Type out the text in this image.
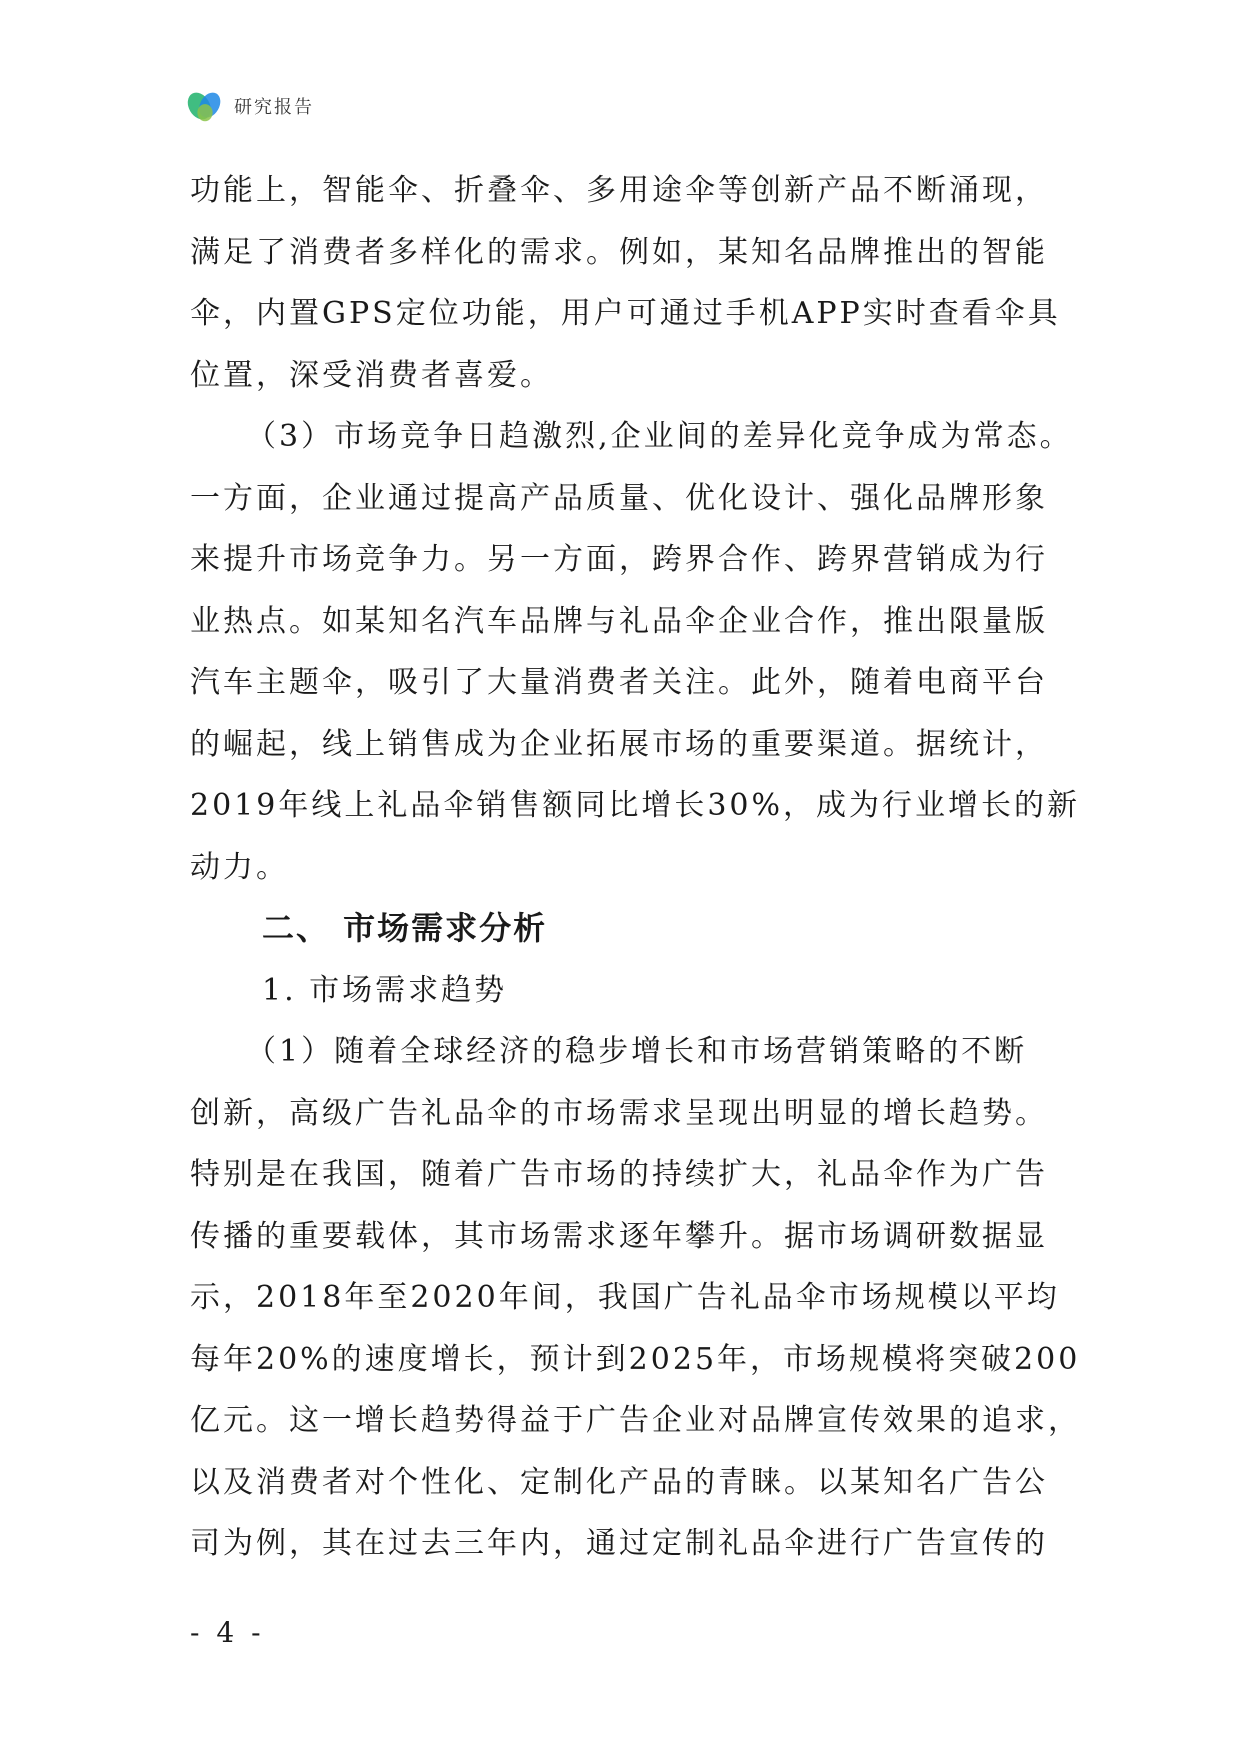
研究报告
功能上，智能伞、折叠伞、多用途伞等创新产品不断涌现，
满足了消费者多样化的需求。例如，某知名品牌推出的智能
伞，内置GPS定位功能，用户可通过手机APP实时查看伞具
位置，深受消费者喜爱。
（3）市场竞争日趋激烈,企业间的差异化竞争成为常态。
一方面，企业通过提高产品质量、优化设计、强化品牌形象
来提升市场竞争力。另一方面，跨界合作、跨界营销成为行
业热点。如某知名汽车品牌与礼品伞企业合作，推出限量版
汽车主题伞，吸引了大量消费者关注。此外，随着电商平台
的崛起，线上销售成为企业拓展市场的重要渠道。据统计，
2019年线上礼品伞销售额同比增长30%，成为行业增长的新
动力。
二、 市场需求分析
1. 市场需求趋势
（1）随着全球经济的稳步增长和市场营销策略的不断
创新，高级广告礼品伞的市场需求呈现出明显的增长趋势。
特别是在我国，随着广告市场的持续扩大，礼品伞作为广告
传播的重要载体，其市场需求逐年攀升。据市场调研数据显
示，2018年至2020年间，我国广告礼品伞市场规模以平均
每年20%的速度增长，预计到2025年，市场规模将突破200
亿元。这一增长趋势得益于广告企业对品牌宣传效果的追求，
以及消费者对个性化、定制化产品的青睐。以某知名广告公
司为例，其在过去三年内，通过定制礼品伞进行广告宣传的
- 4 -
